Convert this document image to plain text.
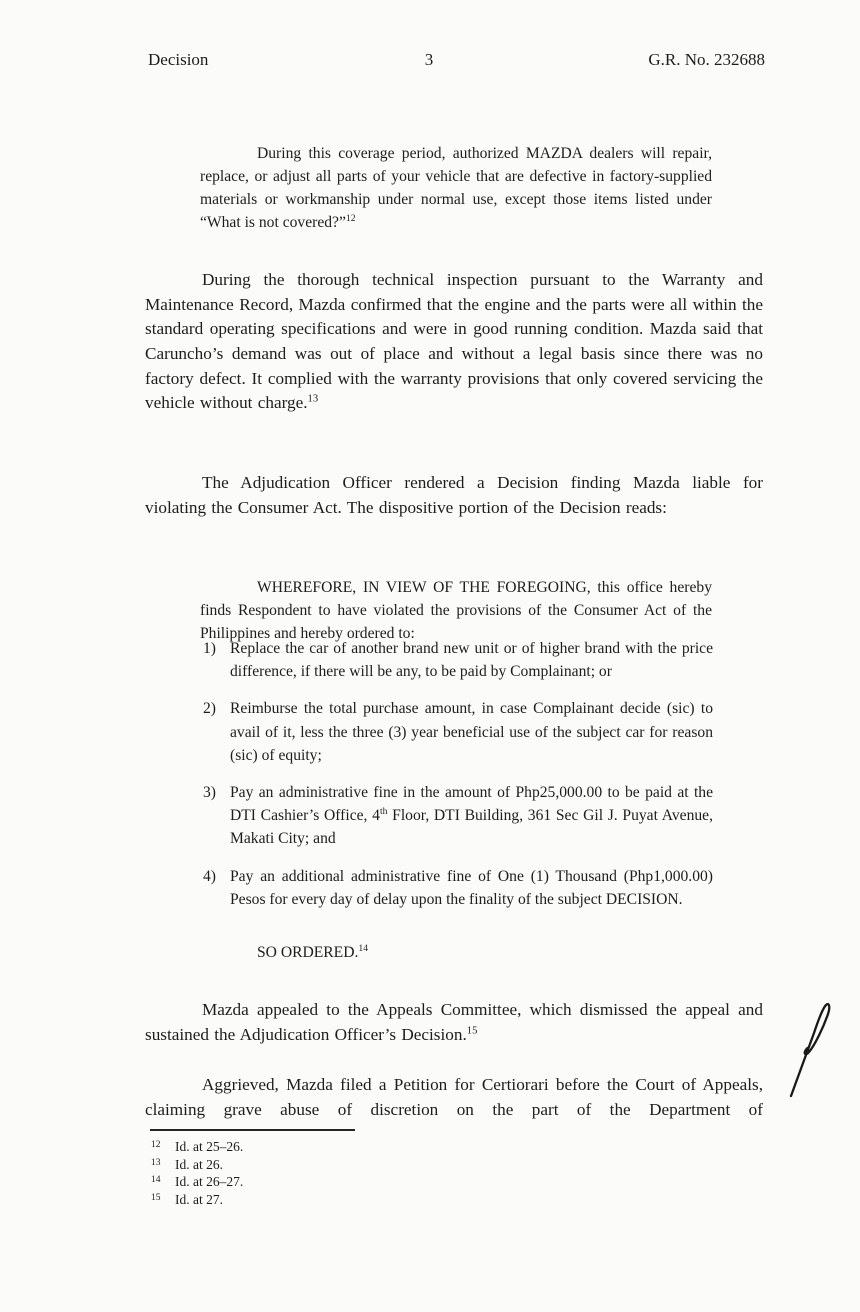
Decision	3	G.R. No. 232688

During this coverage period, authorized MAZDA dealers will repair, replace, or adjust all parts of your vehicle that are defective in factory-supplied materials or workmanship under normal use, except those items listed under “What is not covered?”$^{12}$

During the thorough technical inspection pursuant to the Warranty and Maintenance Record, Mazda confirmed that the engine and the parts were all within the standard operating specifications and were in good running condition. Mazda said that Caruncho’s demand was out of place and without a legal basis since there was no factory defect. It complied with the warranty provisions that only covered servicing the vehicle without charge.$^{13}$

The Adjudication Officer rendered a Decision finding Mazda liable for violating the Consumer Act. The dispositive portion of the Decision reads:

WHEREFORE, IN VIEW OF THE FOREGOING, this office hereby finds Respondent to have violated the provisions of the Consumer Act of the Philippines and hereby ordered to:

1) Replace the car of another brand new unit or of higher brand with the price difference, if there will be any, to be paid by Complainant; or
2) Reimburse the total purchase amount, in case Complainant decide (sic) to avail of it, less the three (3) year beneficial use of the subject car for reason (sic) of equity;
3) Pay an administrative fine in the amount of Php25,000.00 to be paid at the DTI Cashier’s Office, 4th Floor, DTI Building, 361 Sec Gil J. Puyat Avenue, Makati City; and
4) Pay an additional administrative fine of One (1) Thousand (Php1,000.00) Pesos for every day of delay upon the finality of the subject DECISION.

SO ORDERED.$^{14}$

Mazda appealed to the Appeals Committee, which dismissed the appeal and sustained the Adjudication Officer’s Decision.$^{15}$

Aggrieved, Mazda filed a Petition for Certiorari before the Court of Appeals, claiming grave abuse of discretion on the part of the Department of

12	Id. at 25–26.
13	Id. at 26.
14	Id. at 26–27.
15	Id. at 27.
